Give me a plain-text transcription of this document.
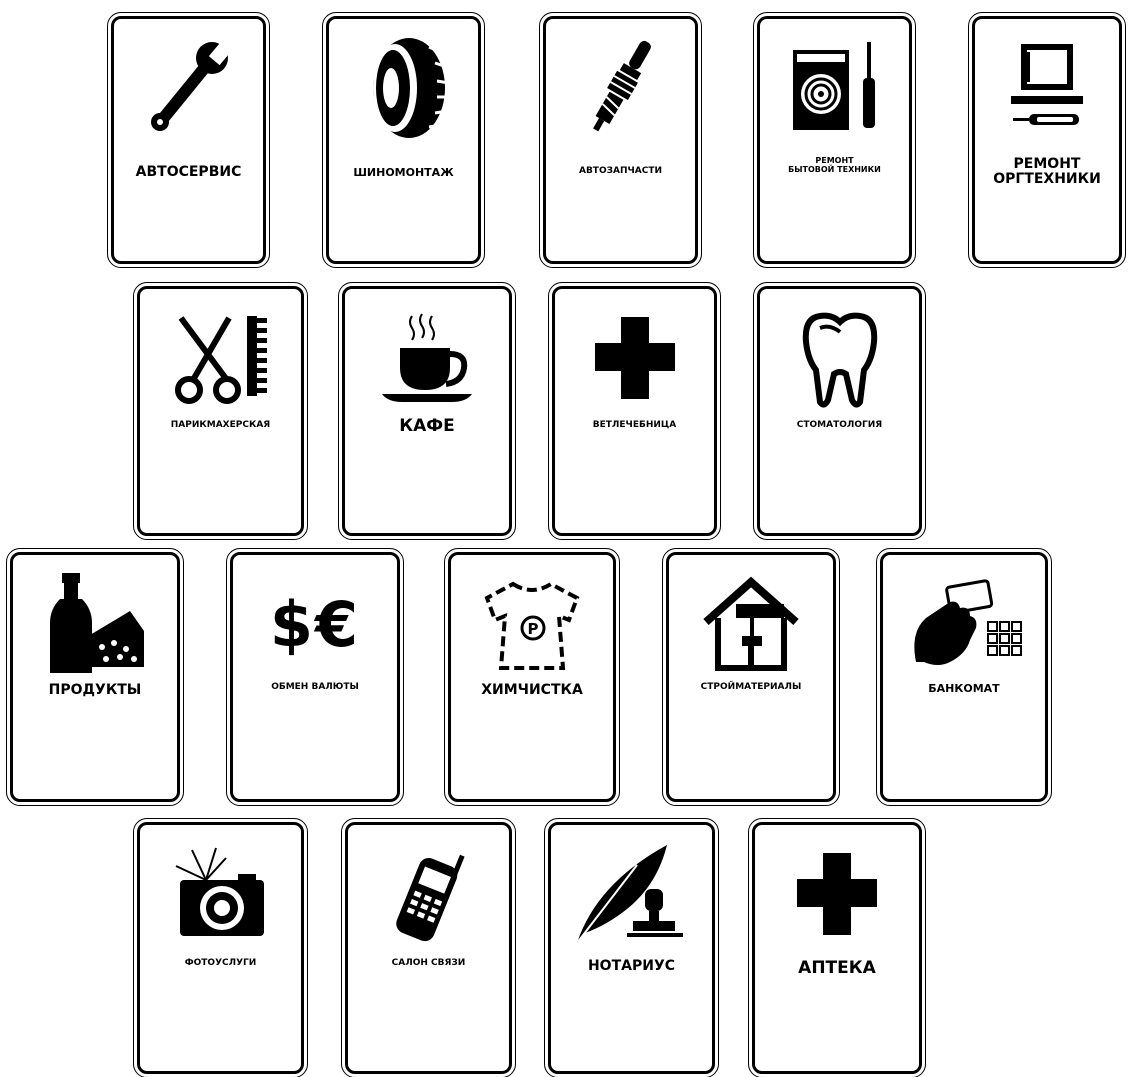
АВТОСЕРВИС	ШИНОМОНТАЖ	АВТОЗАПЧАСТИ
РЕМОНТ
БЫТОВОЙ ТЕХНИКИ	РЕМОНТ
ОРГТЕХНИКИ
ПАРИКМАХЕРСКАЯ	КАФЕ	ВЕТЛЕЧЕБНИЦА	СТОМАТОЛОГИЯ
ПРОДУКТЫ
$€
ОБМЕН ВАЛЮТЫ
P
ХИМЧИСТКА	СТРОЙМАТЕРИАЛЫ	БАНКОМАТ
ФОТОУСЛУГИ	САЛОН СВЯЗИ	НОТАРИУС	АПТЕКА
